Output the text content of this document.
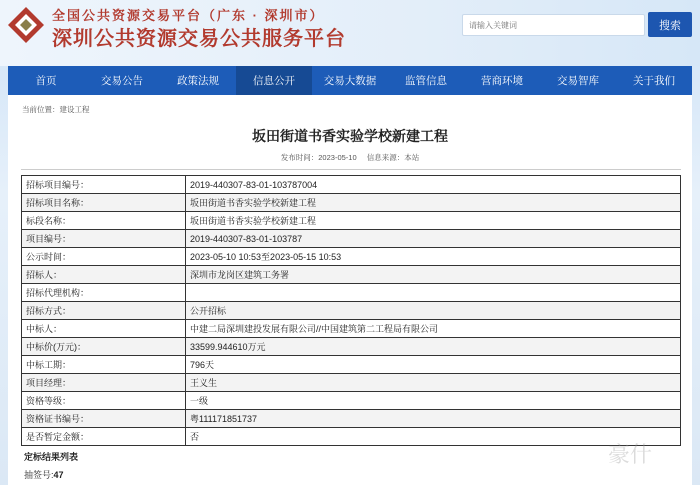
全国公共资源交易平台（广东 · 深圳市）
深圳公共资源交易公共服务平台
请输入关键词
搜索
首页	交易公告	政策法规	信息公开	交易大数据	监管信息	营商环境	交易智库	关于我们
当前位置：建设工程
坂田街道书香实验学校新建工程
发布时间：2023-05-10 信息来源：本站
招标项目编号：	2019-440307-83-01-103787004
招标项目名称：	坂田街道书香实验学校新建工程
标段名称：	坂田街道书香实验学校新建工程
项目编号：	2019-440307-83-01-103787
公示时间：	2023-05-10 10:53至2023-05-15 10:53
招标人：	深圳市龙岗区建筑工务署
招标代理机构：	
招标方式：	公开招标
中标人：	中建二局深圳建投发展有限公司//中国建筑第二工程局有限公司
中标价(万元)：	33599.944610万元
中标工期：	796天
项目经理：	王义生
资格等级：	一级
资格证书编号：	粤111171851737
是否暂定金额：	否
定标结果列表
抽签号:47
豪什
